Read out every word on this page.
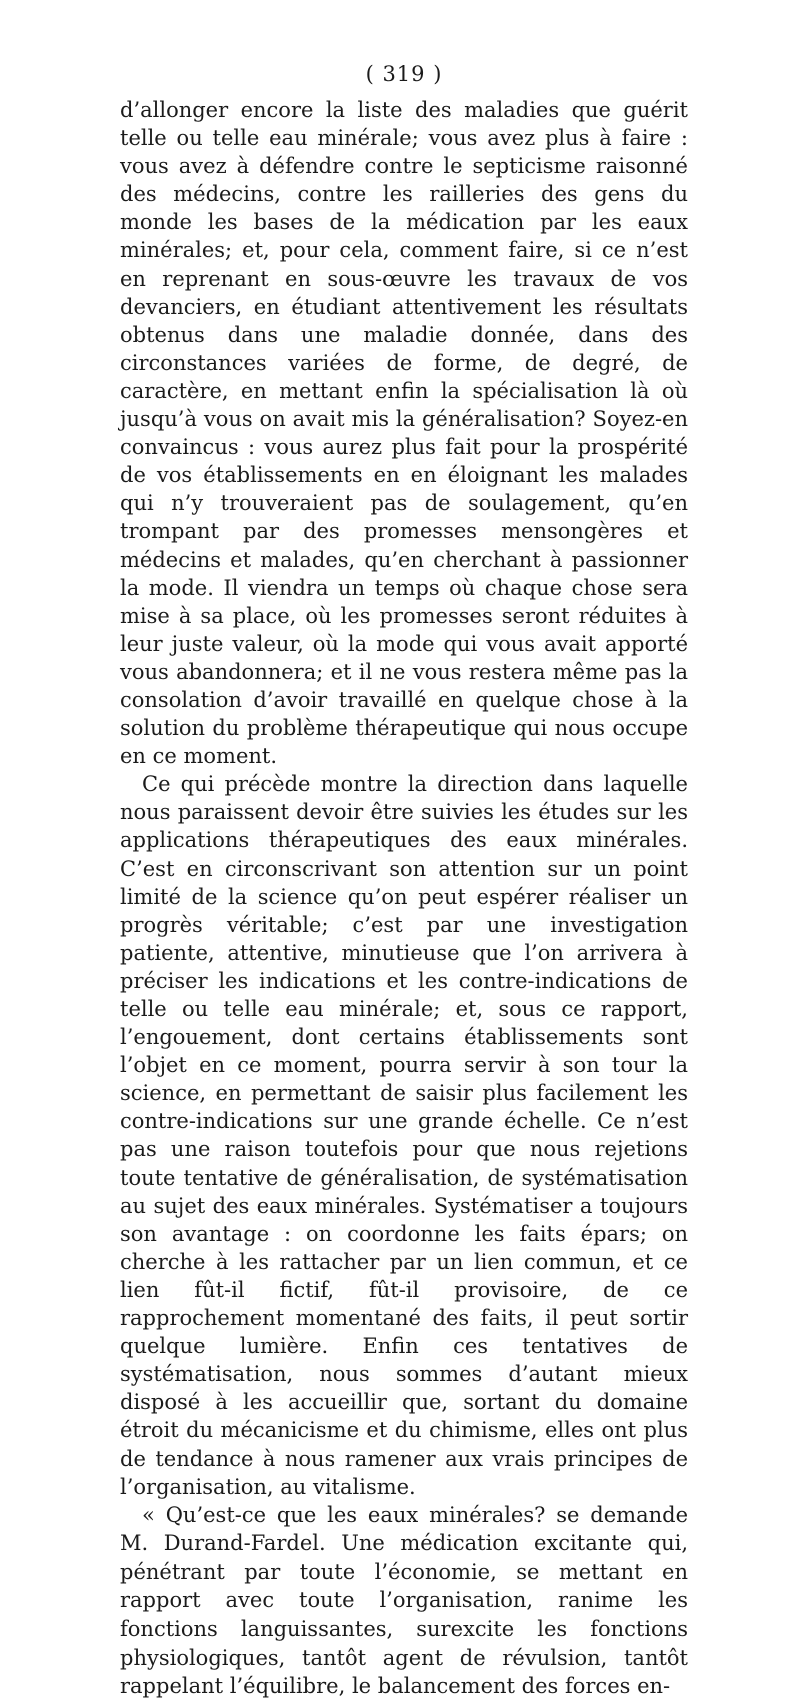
( 319 )

d’allonger encore la liste des maladies que guérit telle ou telle eau minérale; vous avez plus à faire : vous avez à défendre contre le septicisme raisonné des médecins, contre les railleries des gens du monde les bases de la médication par les eaux minérales; et, pour cela, comment faire, si ce n’est en reprenant en sous-œuvre les travaux de vos devanciers, en étudiant attentivement les résultats obtenus dans une maladie donnée, dans des circonstances variées de forme, de degré, de caractère, en mettant enfin la spécialisation là où jusqu’à vous on avait mis la généralisation? Soyez-en convaincus : vous aurez plus fait pour la prospérité de vos établissements en en éloignant les malades qui n’y trouveraient pas de soulagement, qu’en trompant par des promesses mensongères et médecins et malades, qu’en cherchant à passionner la mode. Il viendra un temps où chaque chose sera mise à sa place, où les promesses seront réduites à leur juste valeur, où la mode qui vous avait apporté vous abandonnera; et il ne vous restera même pas la consolation d’avoir travaillé en quelque chose à la solution du problème thérapeutique qui nous occupe en ce moment.

Ce qui précède montre la direction dans laquelle nous paraissent devoir être suivies les études sur les applications thérapeutiques des eaux minérales. C’est en circonscrivant son attention sur un point limité de la science qu’on peut espérer réaliser un progrès véritable; c’est par une investigation patiente, attentive, minutieuse que l’on arrivera à préciser les indications et les contre-indications de telle ou telle eau minérale; et, sous ce rapport, l’engouement, dont certains établissements sont l’objet en ce moment, pourra servir à son tour la science, en permettant de saisir plus facilement les contre-indications sur une grande échelle. Ce n’est pas une raison toutefois pour que nous rejetions toute tentative de généralisation, de systématisation au sujet des eaux minérales. Systématiser a toujours son avantage : on coordonne les faits épars; on cherche à les rattacher par un lien commun, et ce lien fût-il fictif, fût-il provisoire, de ce rapprochement momentané des faits, il peut sortir quelque lumière. Enfin ces tentatives de systématisation, nous sommes d’autant mieux disposé à les accueillir que, sortant du domaine étroit du mécanicisme et du chimisme, elles ont plus de tendance à nous ramener aux vrais principes de l’organisation, au vitalisme.

« Qu’est-ce que les eaux minérales? se demande M. Durand-Fardel. Une médication excitante qui, pénétrant par toute l’économie, se mettant en rapport avec toute l’organisation, ranime les fonctions languissantes, surexcite les fonctions physiologiques, tantôt agent de révulsion, tantôt rappelant l’équilibre, le balancement des forces en-
